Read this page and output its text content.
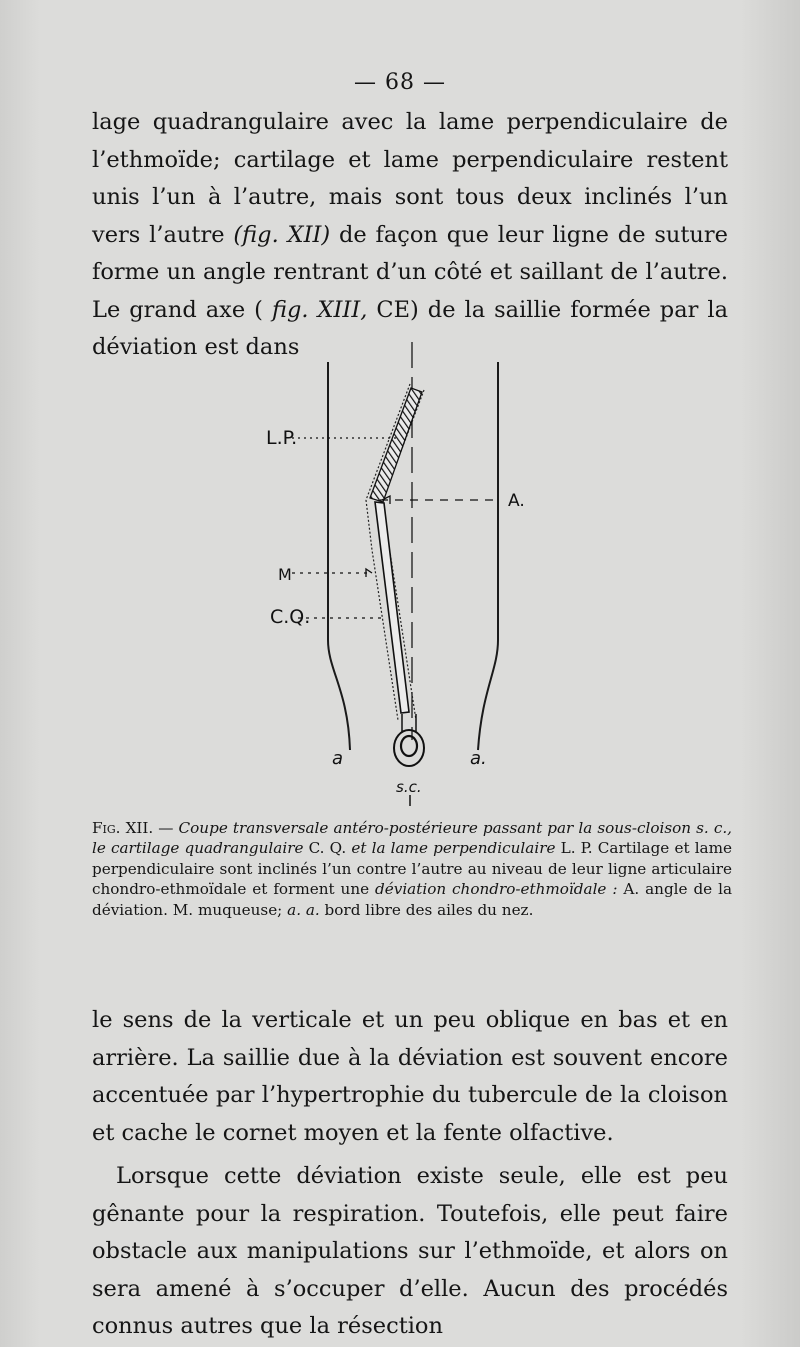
— 68 —

lage quadrangulaire avec la lame perpendiculaire de l’ethmoïde; cartilage et lame perpendiculaire restent unis l’un à l’autre, mais sont tous deux inclinés l’un vers l’autre (fig. XII) de façon que leur ligne de suture forme un angle rentrant d’un côté et saillant de l’autre. Le grand axe ( fig. XIII, CE) de la saillie formée par la déviation est dans

L.P.
A.
M
C.Q.
a	a.
s.c.
Fig. XII. — Coupe transversale antéro-postérieure passant par la sous-cloison s. c., le cartilage quadrangulaire C. Q. et la lame perpendiculaire L. P. Cartilage et lame perpendiculaire sont inclinés l’un contre l’autre au niveau de leur ligne articulaire chondro-ethmoïdale et forment une déviation chondro-ethmoïdale : A. angle de la déviation. M. muqueuse; a. a. bord libre des ailes du nez.

le sens de la verticale et un peu oblique en bas et en arrière. La saillie due à la déviation est souvent encore accentuée par l’hypertrophie du tubercule de la cloison et cache le cornet moyen et la fente olfactive.

Lorsque cette déviation existe seule, elle est peu gênante pour la respiration. Toutefois, elle peut faire obstacle aux manipulations sur l’ethmoïde, et alors on sera amené à s’occuper d’elle. Aucun des procédés connus autres que la résection
